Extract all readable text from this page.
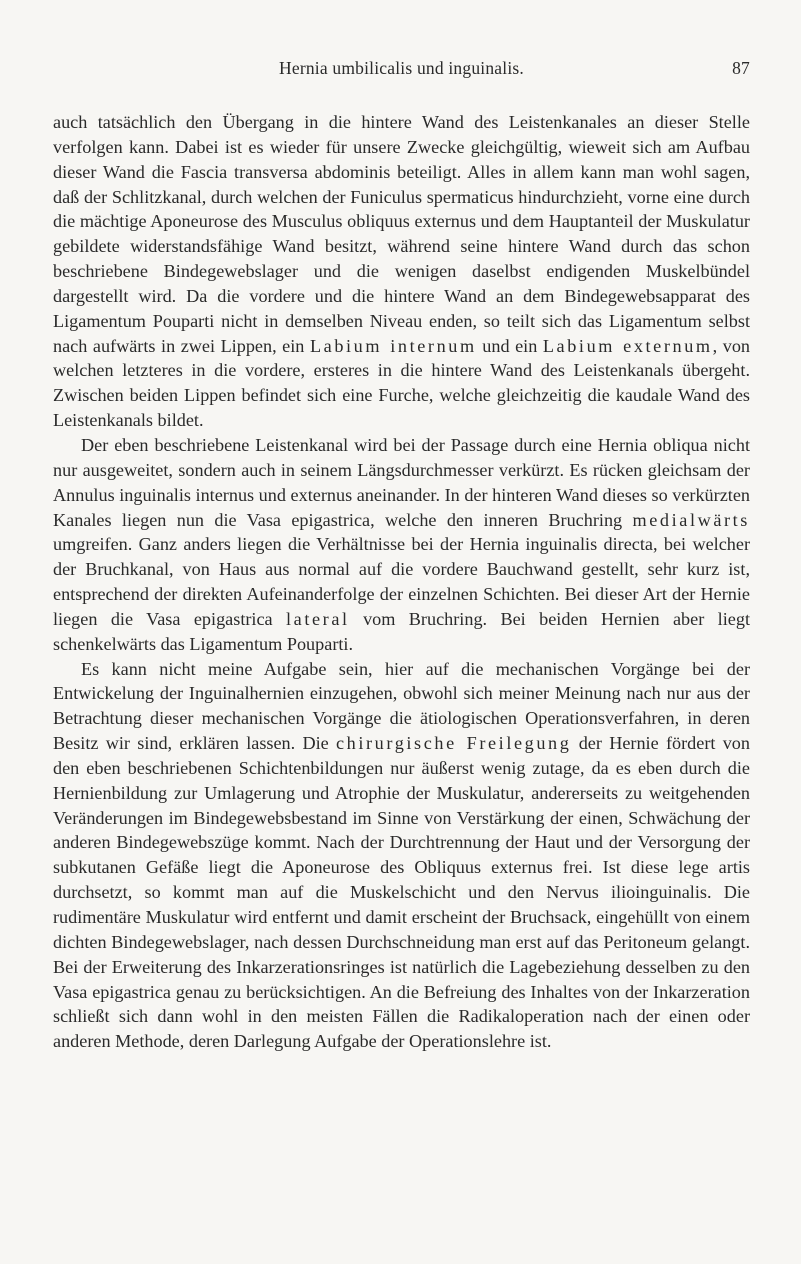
Hernia umbilicalis und inguinalis.	87

auch tatsächlich den Übergang in die hintere Wand des Leistenkanales an dieser Stelle verfolgen kann. Dabei ist es wieder für unsere Zwecke gleichgültig, wieweit sich am Aufbau dieser Wand die Fascia transversa abdominis beteiligt. Alles in allem kann man wohl sagen, daß der Schlitzkanal, durch welchen der Funiculus spermaticus hindurchzieht, vorne eine durch die mächtige Aponeurose des Musculus obliquus externus und dem Hauptanteil der Muskulatur gebildete widerstandsfähige Wand besitzt, während seine hintere Wand durch das schon beschriebene Bindegewebslager und die wenigen daselbst endigenden Muskelbündel dargestellt wird. Da die vordere und die hintere Wand an dem Bindegewebsapparat des Ligamentum Pouparti nicht in demselben Niveau enden, so teilt sich das Ligamentum selbst nach aufwärts in zwei Lippen, ein Labium internum und ein Labium externum, von welchen letzteres in die vordere, ersteres in die hintere Wand des Leistenkanals übergeht. Zwischen beiden Lippen befindet sich eine Furche, welche gleichzeitig die kaudale Wand des Leistenkanals bildet.

Der eben beschriebene Leistenkanal wird bei der Passage durch eine Hernia obliqua nicht nur ausgeweitet, sondern auch in seinem Längsdurchmesser verkürzt. Es rücken gleichsam der Annulus inguinalis internus und externus aneinander. In der hinteren Wand dieses so verkürzten Kanales liegen nun die Vasa epigastrica, welche den inneren Bruchring medialwärts umgreifen. Ganz anders liegen die Verhältnisse bei der Hernia inguinalis directa, bei welcher der Bruchkanal, von Haus aus normal auf die vordere Bauchwand gestellt, sehr kurz ist, entsprechend der direkten Aufeinanderfolge der einzelnen Schichten. Bei dieser Art der Hernie liegen die Vasa epigastrica lateral vom Bruchring. Bei beiden Hernien aber liegt schenkelwärts das Ligamentum Pouparti.

Es kann nicht meine Aufgabe sein, hier auf die mechanischen Vorgänge bei der Entwickelung der Inguinalhernien einzugehen, obwohl sich meiner Meinung nach nur aus der Betrachtung dieser mechanischen Vorgänge die ätiologischen Operationsverfahren, in deren Besitz wir sind, erklären lassen. Die chirurgische Freilegung der Hernie fördert von den eben beschriebenen Schichtenbildungen nur äußerst wenig zutage, da es eben durch die Hernienbildung zur Umlagerung und Atrophie der Muskulatur, andererseits zu weitgehenden Veränderungen im Bindegewebsbestand im Sinne von Verstärkung der einen, Schwächung der anderen Bindegewebszüge kommt. Nach der Durchtrennung der Haut und der Versorgung der subkutanen Gefäße liegt die Aponeurose des Obliquus externus frei. Ist diese lege artis durchsetzt, so kommt man auf die Muskelschicht und den Nervus ilioinguinalis. Die rudimentäre Muskulatur wird entfernt und damit erscheint der Bruchsack, eingehüllt von einem dichten Bindegewebslager, nach dessen Durchschneidung man erst auf das Peritoneum gelangt. Bei der Erweiterung des Inkarzerationsringes ist natürlich die Lagebeziehung desselben zu den Vasa epigastrica genau zu berücksichtigen. An die Befreiung des Inhaltes von der Inkarzeration schließt sich dann wohl in den meisten Fällen die Radikaloperation nach der einen oder anderen Methode, deren Darlegung Aufgabe der Operationslehre ist.
